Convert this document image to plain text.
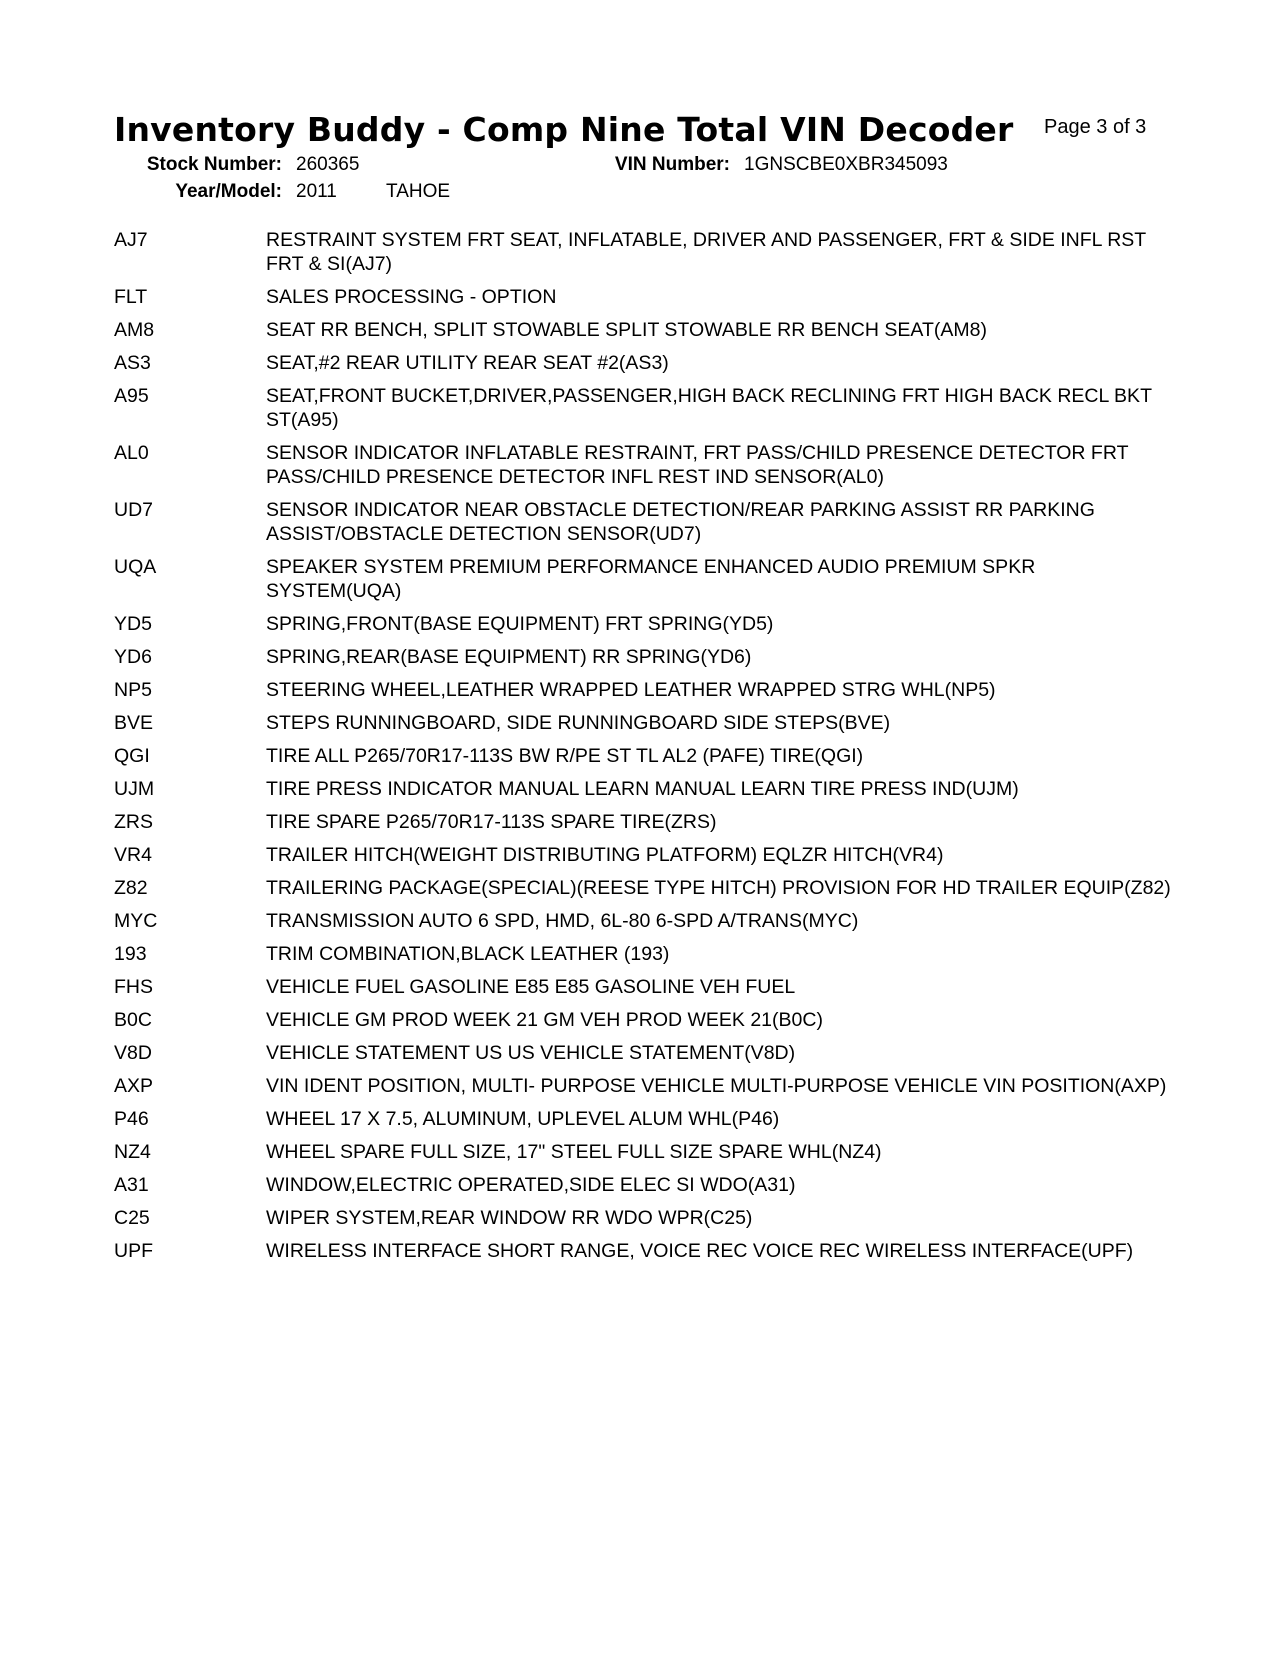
Inventory Buddy - Comp Nine Total VIN Decoder Page 3 of 3
Stock Number: 260365	VIN Number: 1GNSCBE0XBR345093
Year/Model: 2011	TAHOE
AJ7	RESTRAINT SYSTEM FRT SEAT, INFLATABLE, DRIVER AND PASSENGER, FRT & SIDE INFL RST FRT & SI(AJ7)
FLT	SALES PROCESSING - OPTION
AM8	SEAT RR BENCH, SPLIT STOWABLE SPLIT STOWABLE RR BENCH SEAT(AM8)
AS3	SEAT,#2 REAR UTILITY REAR SEAT #2(AS3)
A95	SEAT,FRONT BUCKET,DRIVER,PASSENGER,HIGH BACK RECLINING FRT HIGH BACK RECL BKT ST(A95)
AL0	SENSOR INDICATOR INFLATABLE RESTRAINT, FRT PASS/CHILD PRESENCE DETECTOR FRT PASS/CHILD PRESENCE DETECTOR INFL REST IND SENSOR(AL0)
UD7	SENSOR INDICATOR NEAR OBSTACLE DETECTION/REAR PARKING ASSIST RR PARKING ASSIST/OBSTACLE DETECTION SENSOR(UD7)
UQA	SPEAKER SYSTEM PREMIUM PERFORMANCE ENHANCED AUDIO PREMIUM SPKR SYSTEM(UQA)
YD5	SPRING,FRONT(BASE EQUIPMENT) FRT SPRING(YD5)
YD6	SPRING,REAR(BASE EQUIPMENT) RR SPRING(YD6)
NP5	STEERING WHEEL,LEATHER WRAPPED LEATHER WRAPPED STRG WHL(NP5)
BVE	STEPS RUNNINGBOARD, SIDE RUNNINGBOARD SIDE STEPS(BVE)
QGI	TIRE ALL P265/70R17-113S BW R/PE ST TL AL2 (PAFE) TIRE(QGI)
UJM	TIRE PRESS INDICATOR MANUAL LEARN MANUAL LEARN TIRE PRESS IND(UJM)
ZRS	TIRE SPARE P265/70R17-113S SPARE TIRE(ZRS)
VR4	TRAILER HITCH(WEIGHT DISTRIBUTING PLATFORM) EQLZR HITCH(VR4)
Z82	TRAILERING PACKAGE(SPECIAL)(REESE TYPE HITCH) PROVISION FOR HD TRAILER EQUIP(Z82)
MYC	TRANSMISSION AUTO 6 SPD, HMD, 6L-80 6-SPD A/TRANS(MYC)
193	TRIM COMBINATION,BLACK LEATHER (193)
FHS	VEHICLE FUEL GASOLINE E85 E85 GASOLINE VEH FUEL
B0C	VEHICLE GM PROD WEEK 21 GM VEH PROD WEEK 21(B0C)
V8D	VEHICLE STATEMENT US US VEHICLE STATEMENT(V8D)
AXP	VIN IDENT POSITION, MULTI- PURPOSE VEHICLE MULTI-PURPOSE VEHICLE VIN POSITION(AXP)
P46	WHEEL 17 X 7.5, ALUMINUM, UPLEVEL ALUM WHL(P46)
NZ4	WHEEL SPARE FULL SIZE, 17" STEEL FULL SIZE SPARE WHL(NZ4)
A31	WINDOW,ELECTRIC OPERATED,SIDE ELEC SI WDO(A31)
C25	WIPER SYSTEM,REAR WINDOW RR WDO WPR(C25)
UPF	WIRELESS INTERFACE SHORT RANGE, VOICE REC VOICE REC WIRELESS INTERFACE(UPF)
